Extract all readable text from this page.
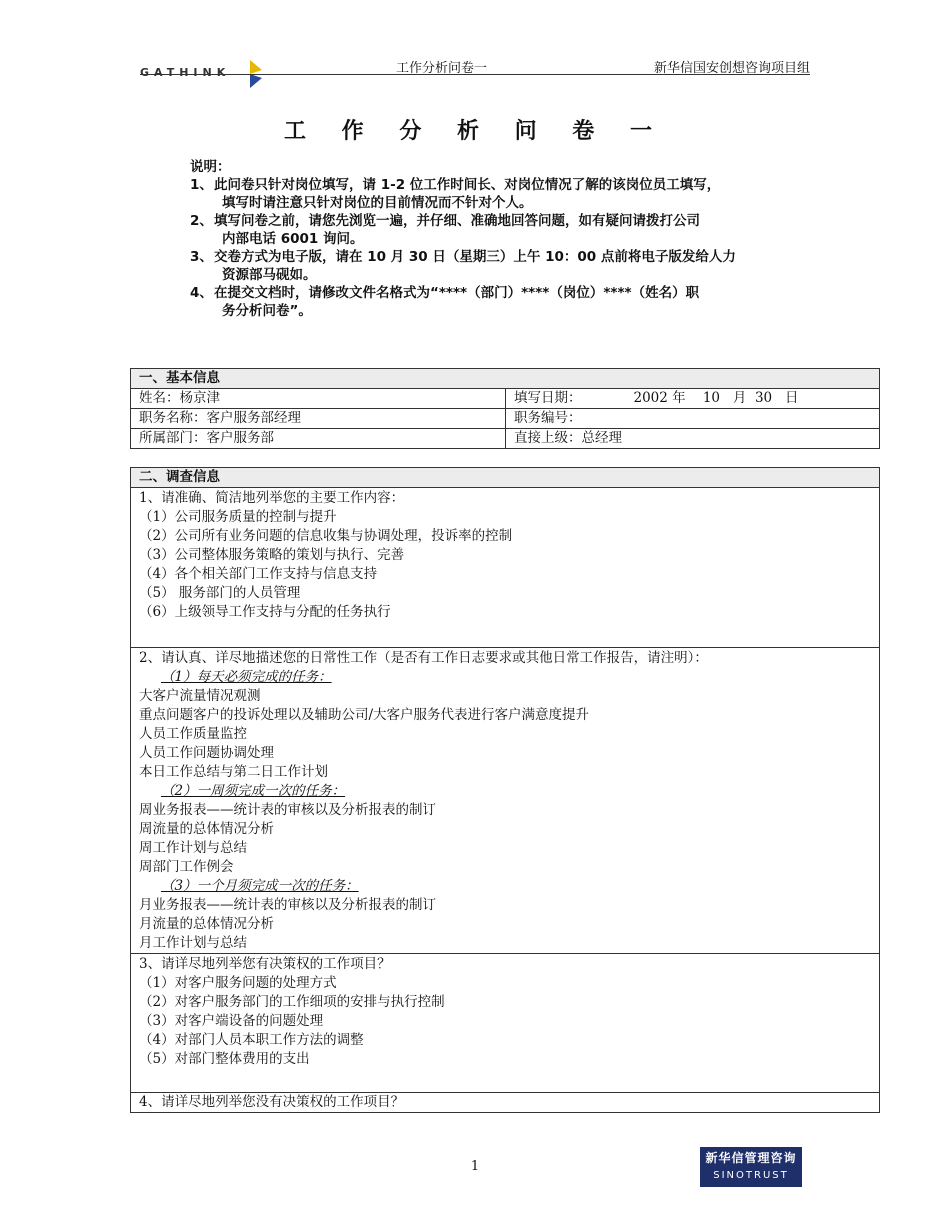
GATHINK	工作分析问卷一	新华信国安创想咨询项目组
工 作 分 析 问 卷 一
说明：
1、 此问卷只针对岗位填写，请 1-2 位工作时间长、对岗位情况了解的该岗位员工填写，
填写时请注意只针对岗位的目前情况而不针对个人。
2、 填写问卷之前，请您先浏览一遍，并仔细、准确地回答问题，如有疑问请拨打公司
内部电话 6001 询问。
3、 交卷方式为电子版，请在 10 月 30 日（星期三）上午 10：00 点前将电子版发给人力
资源部马砚如。
4、 在提交文档时，请修改文件名格式为“****（部门）****（岗位）****（姓名）职
务分析问卷”。
一、基本信息	
姓名：杨京津	填写日期： 2002 年    10   月  30   日
职务名称：客户服务部经理	职务编号：
所属部门：客户服务部	直接上级：总经理
二、调查信息

1、请准确、简洁地列举您的主要工作内容：
（1）公司服务质量的控制与提升
（2）公司所有业务问题的信息收集与协调处理，投诉率的控制
（3）公司整体服务策略的策划与执行、完善
（4）各个相关部门工作支持与信息支持
（5） 服务部门的人员管理
（6）上级领导工作支持与分配的任务执行

2、请认真、详尽地描述您的日常性工作（是否有工作日志要求或其他日常工作报告，请注明）：
（1）每天必须完成的任务：
大客户流量情况观测
重点问题客户的投诉处理以及辅助公司/大客户服务代表进行客户满意度提升
人员工作质量监控
人员工作问题协调处理
本日工作总结与第二日工作计划
（2）一周须完成一次的任务：
周业务报表——统计表的审核以及分析报表的制订
周流量的总体情况分析
周工作计划与总结
周部门工作例会
（3）一个月须完成一次的任务：
月业务报表——统计表的审核以及分析报表的制订
月流量的总体情况分析
月工作计划与总结

3、请详尽地列举您有决策权的工作项目？
（1）对客户服务问题的处理方式
（2）对客户服务部门的工作细项的安排与执行控制
（3）对客户端设备的问题处理
（4）对部门人员本职工作方法的调整
（5）对部门整体费用的支出

4、请详尽地列举您没有决策权的工作项目？
1
新华信管理咨询
SINOTRUST
